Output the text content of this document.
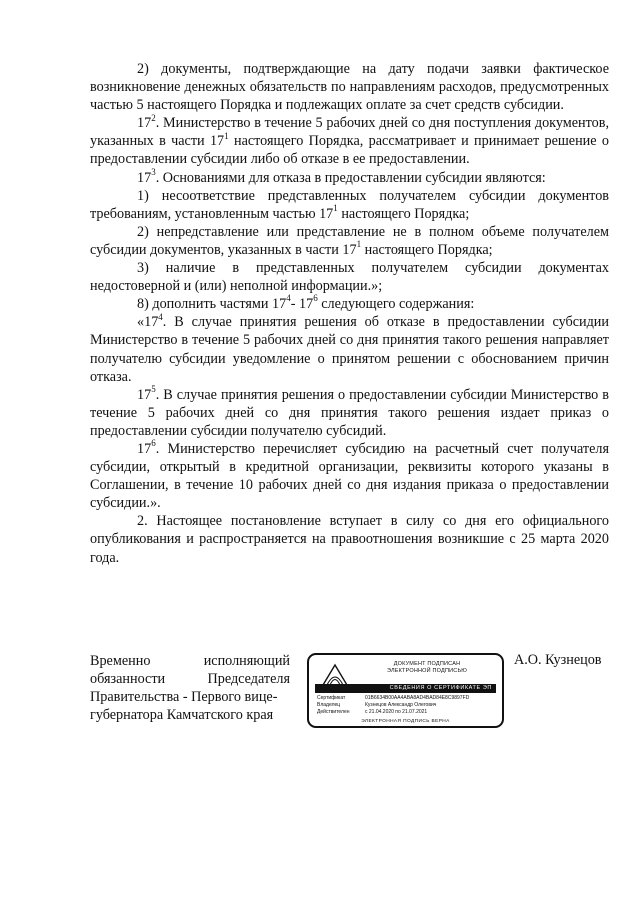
2) документы, подтверждающие на дату подачи заявки фактическое возникновение денежных обязательств по направлениям расходов, предусмотренных частью 5 настоящего Порядка и подлежащих оплате за счет средств субсидии.

$17^2$. Министерство в течение 5 рабочих дней со дня поступления документов, указанных в части $17^1$ настоящего Порядка, рассматривает и принимает решение о предоставлении субсидии либо об отказе в ее предоставлении.

$17^3$. Основаниями для отказа в предоставлении субсидии являются:

1) несоответствие представленных получателем субсидии документов требованиям, установленным частью $17^1$ настоящего Порядка;

2) непредставление или представление не в полном объеме получателем субсидии документов, указанных в части $17^1$ настоящего Порядка;

3) наличие в представленных получателем субсидии документах недостоверной и (или) неполной информации.»;

8) дополнить частями $17^4-$ $17^6$ следующего содержания:

«$17^4$. В случае принятия решения об отказе в предоставлении субсидии Министерство в течение 5 рабочих дней со дня принятия такого решения направляет получателю субсидии уведомление о принятом решении с обоснованием причин отказа.

$17^5$. В случае принятия решения о предоставлении субсидии Министерство в течение 5 рабочих дней со дня принятия такого решения издает приказ о предоставлении субсидии получателю субсидий.

$17^6$. Министерство перечисляет субсидию на расчетный счет получателя субсидии, открытый в кредитной организации, реквизиты которого указаны в Соглашении, в течение 10 рабочих дней со дня издания приказа о предоставлении субсидии.».

2. Настоящее постановление вступает в силу со дня его официального опубликования и распространяется на правоотношения возникшие с 25 марта 2020 года.

Временно	исполняющий
обязанности	Председателя
Правительства - Первого вице-
губернатора Камчатского края
ДОКУМЕНТ ПОДПИСАН
ЭЛЕКТРОННОЙ ПОДПИСЬЮ
СВЕДЕНИЯ О СЕРТИФИКАТЕ ЭП
Сертификат	01B6634B00AA4ABA8AD4BAD84E8C9897FD
Владелец	Кузнецов Александр Олегович
Действителен	с 21.04.2020 по 21.07.2021
ЭЛЕКТРОННАЯ ПОДПИСЬ ВЕРНА
А.О. Кузнецов
